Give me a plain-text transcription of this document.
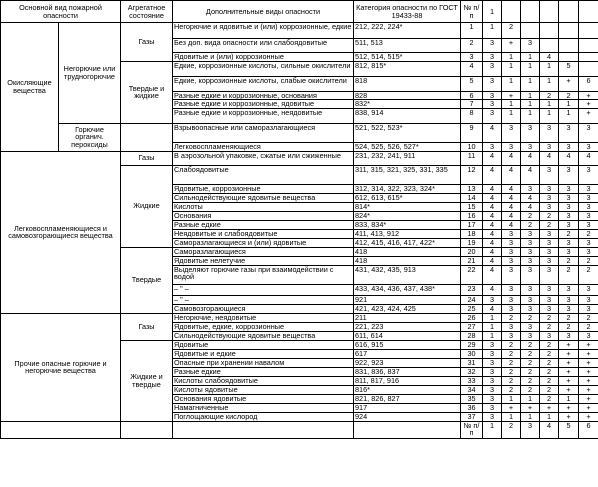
Основной вид пожарной опасности		Агрегатное состояние	Дополнительные виды опасности	Категория опасности по ГОСТ 19433-88	№ п/п	1					
Окисляющие вещества	Негорючие или трудногорючие	Газы	Негорючие и ядовитые и (или) коррозионные, едкие	212, 222, 224*	1	1	2				
			Без доп. вида опасности или слабоядовитые	511, 513	2	3	+	3			
			Ядовитые и (или) коррозионные	512, 514, 515*	3	3	1	1	4		
		Твердые и жидкие	Едкие, коррозионные кислоты, сильные окислители	812, 815*	4	3	1	1	1	5	
			Едкие, коррозионные кислоты, слабые окислители	818	5	3	1	1	1	+	6
			Разные едкие и коррозионные, основания	828	6	3	+	1	2	2	+
			Разные едкие и коррозионные, ядовитые	832*	7	3	1	1	1	1	+
			Разные едкие и коррозионные, неядовитые	838, 914	8	3	1	1	1	1	+
	Горючие органич. пероксиды		Взрывоопасные или саморазлагающиеся	521, 522, 523*	9	4	3	3	3	3	3
			Легковоспламеняющиеся	524, 525, 526, 527*	10	3	3	3	3	3	3
Легковоспламеняющиеся и самовозгорающиеся вещества		Газы	В аэрозольной упаковке, сжатые или сжиженные	231, 232, 241, 911	11	4	4	4	4	4	4
		Жидкие	Слабоядовитые	311, 315, 321, 325, 331, 335	12	4	4	4	3	3	3
			Ядовитые, коррозионные	312, 314, 322, 323, 324*	13	4	4	3	3	3	3
			Сильнодействующие ядовитые вещества	612, 613, 615*	14	4	4	4	3	3	3
			Кислоты	814*	15	4	4	4	3	3	3
			Основания	824*	16	4	4	2	2	3	3
			Разные едкие	833, 834*	17	4	4	2	2	3	3
			Неядовитые и слабоядовитые	411, 413, 912	18	4	3	3	3	2	2
			Саморазлагающиеся и (или) ядовитые	412, 415, 416, 417, 422*	19	4	3	3	3	3	3
		Твердые	Саморазлагающиеся	418	20	4	3	3	3	3	3
			Ядовитые нелетучие	418	21	4	3	3	3	2	2
			Выделяют горючие газы при взаимодействии с водой	431, 432, 435, 913	22	4	3	3	3	2	2
			– " –	433, 434, 436, 437, 438*	23	4	3	3	3	3	3
			– " –	921	24	3	3	3	3	3	3
			Самовозгорающиеся	421, 423, 424, 425	25	4	3	3	3	3	3
Прочие опасные горючие и негорючие вещества		Газы	Негорючие, неядовитые	211	26	1	2	2	2	2	2
			Ядовитые, едкие, коррозионные	221, 223	27	1	3	3	2	2	2
			Сильнодействующие ядовитые вещества	611, 614	28	1	3	3	3	3	3
		Жидкие и твердые	Ядовитые	616, 915	29	3	2	2	2	+	+
			Ядовитые и едкие	617	30	3	2	2	2	+	+
			Опасные при хранении навалом	922, 923	31	3	2	2	2	+	+
			Разные едкие	831, 836, 837	32	3	2	2	2	+	+
			Кислоты слабоядовитые	811, 817, 916	33	3	2	2	2	+	+
			Кислоты ядовитые	816*	34	3	2	2	2	+	+
			Основания ядовитые	821, 826, 827	35	3	1	1	2	1	+
			Намагниченные	917	36	3	+	+	+	+	+
			Поглощающие кислород	924	37	3	1	1	1	+	+
					№ п/п	1	2	3	4	5	6
